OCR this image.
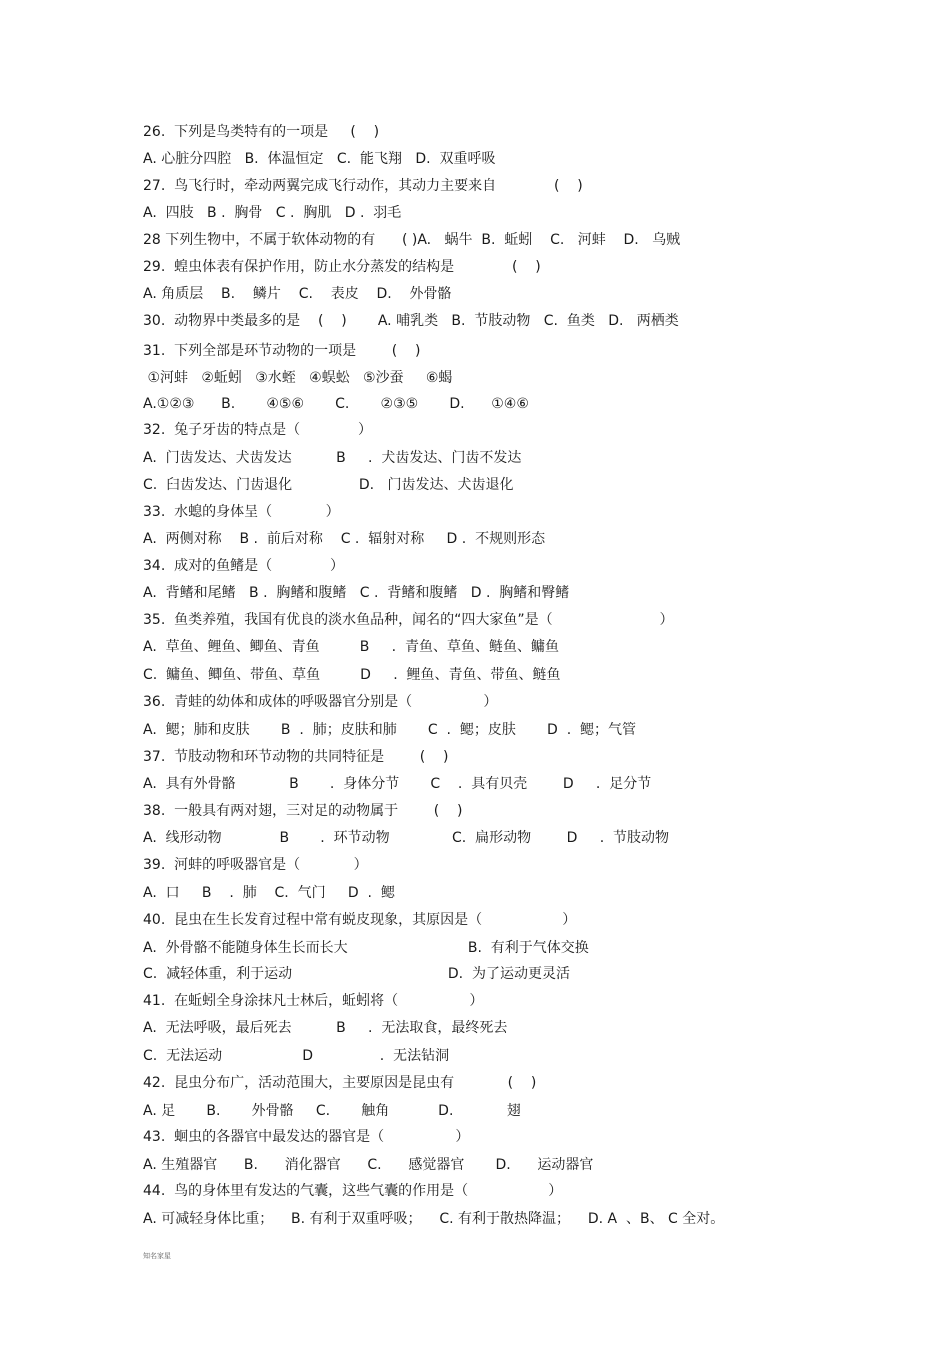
26.  下列是鸟类特有的一项是     (    )
A. 心脏分四腔   B.  体温恒定   C.  能飞翔   D.  双重呼吸
27.  鸟飞行时，牵动两翼完成飞行动作，其动力主要来自             (    )
A.  四肢   B .  胸骨   C .  胸肌   D .  羽毛
28 下列生物中，不属于软体动物的有      ( )A.   蜗牛  B.  蚯蚓    C.   河蚌    D.   乌贼
29.  蝗虫体表有保护作用，防止水分蒸发的结构是             (    )
A. 角质层    B.    鳞片    C.    表皮    D.    外骨骼
30.  动物界中类最多的是    (    )       A. 哺乳类   B.  节肢动物   C.  鱼类   D.   两栖类
31.  下列全部是环节动物的一项是        (    )
①河蚌   ②蚯蚓   ③水蛭   ④蜈蚣   ⑤沙蚕     ⑥蝎
A.①②③      B.       ④⑤⑥       C.       ②③⑤       D.      ①④⑥
32.  兔子牙齿的特点是（             ）
A.  门齿发达、犬齿发达          B     .  犬齿发达、门齿不发达
C.  臼齿发达、门齿退化               D.   门齿发达、犬齿退化
33.  水螅的身体呈（            ）
A.  两侧对称    B .  前后对称    C .  辐射对称     D .  不规则形态
34.  成对的鱼鳍是（             ）
A.  背鳍和尾鳍   B .  胸鳍和腹鳍   C .  背鳍和腹鳍   D .  胸鳍和臀鳍
35.  鱼类养殖，我国有优良的淡水鱼品种，闻名的“四大家鱼”是（                        ）
A.  草鱼、鲤鱼、鲫鱼、青鱼         B     .  青鱼、草鱼、鲢鱼、鳙鱼
C.  鳙鱼、鲫鱼、带鱼、草鱼         D     .  鲤鱼、青鱼、带鱼、鲢鱼
36.  青蛙的幼体和成体的呼吸器官分别是（                ）
A.  鳃；肺和皮肤       B  .  肺；皮肤和肺       C  .  鳃；皮肤       D  .  鳃；气管
37.  节肢动物和环节动物的共同特征是        (    )
A.  具有外骨骼            B       .  身体分节       C    .  具有贝壳        D     .  足分节
38.  一般具有两对翅，三对足的动物属于        (    )
A.  线形动物             B       .  环节动物              C.  扁形动物        D     .  节肢动物
39.  河蚌的呼吸器官是（            ）
A.  口     B    .  肺    C.  气门     D  .  鳃
40.  昆虫在生长发育过程中常有蜕皮现象，其原因是（                  ）
A.  外骨骼不能随身体生长而长大                           B.  有利于气体交换
C.  减轻体重，利于运动                                   D.  为了运动更灵活
41.  在蚯蚓全身涂抹凡士林后，蚯蚓将（                ）
A.  无法呼吸，最后死去          B     .  无法取食，最终死去
C.  无法运动                  D               .  无法钻洞
42.  昆虫分布广，活动范围大，主要原因是昆虫有            (    )
A. 足       B.       外骨骼     C.       触角           D.            翅
43.  蛔虫的各器官中最发达的器官是（                ）
A. 生殖器官      B.      消化器官      C.      感觉器官       D.      运动器官
44.  鸟的身体里有发达的气囊，这些气囊的作用是（                  ）
A. 可减轻身体比重；    B. 有利于双重呼吸；    C. 有利于散热降温；    D. A  、B、 C 全对。
知名家星
